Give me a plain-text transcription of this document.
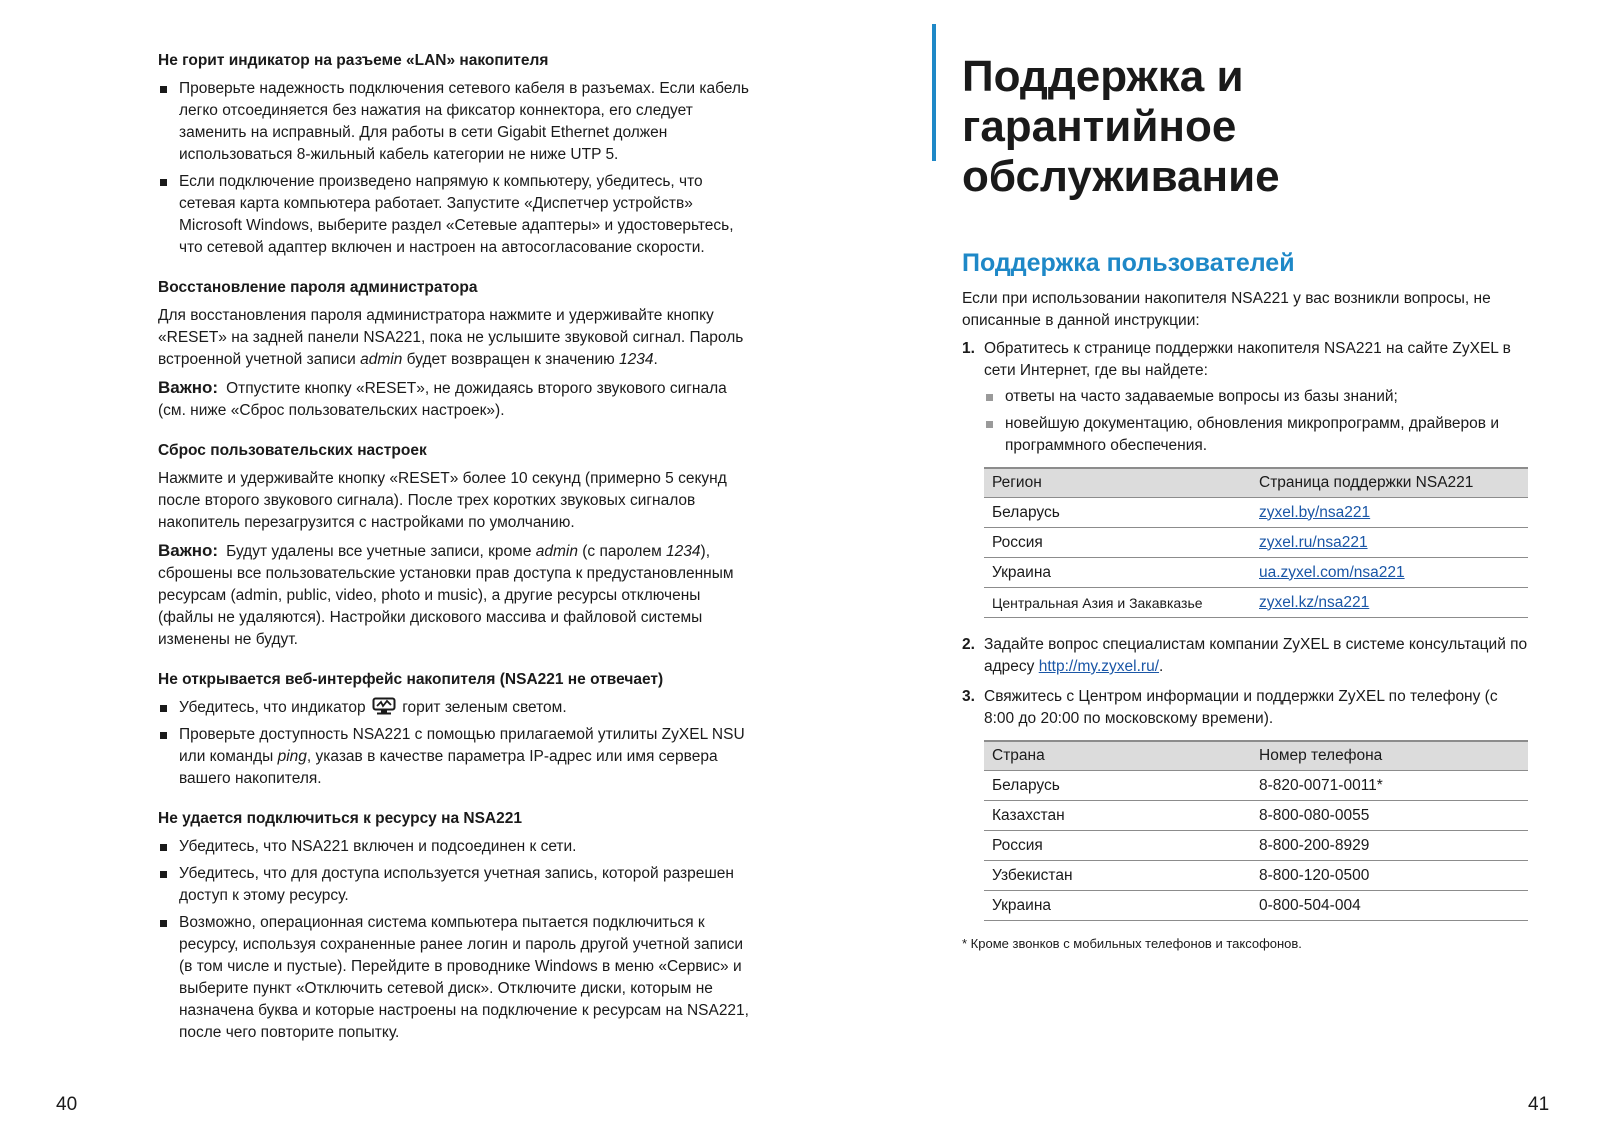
Не горит индикатор на разъеме «LAN» накопителя
Проверьте надежность подключения сетевого кабеля в разъемах. Если кабель легко отсоединяется без нажатия на фиксатор коннектора, его следует заменить на исправный. Для работы в сети Gigabit Ethernet должен использоваться 8-жильный кабель категории не ниже UTP 5.
Если подключение произведено напрямую к компьютеру, убедитесь, что сетевая карта компьютера работает. Запустите «Диспетчер устройств» Microsoft Windows, выберите раздел «Сетевые адаптеры» и удостоверьтесь, что сетевой адаптер включен и настроен на автосогласование скорости.
Восстановление пароля администратора

Для восстановления пароля администратора нажмите и удерживайте кнопку «RESET» на задней панели NSA221, пока не услышите звуковой сигнал. Пароль встроенной учетной записи admin будет возвращен к значению 1234.

Важно: Отпустите кнопку «RESET», не дожидаясь второго звукового сигнала (см. ниже «Сброс пользовательских настроек»).

Сброс пользовательских настроек

Нажмите и удерживайте кнопку «RESET» более 10 секунд (примерно 5 секунд после второго звукового сигнала). После трех коротких звуковых сигналов накопитель перезагрузится с настройками по умолчанию.

Важно: Будут удалены все учетные записи, кроме admin (с паролем 1234), сброшены все пользовательские установки прав доступа к предустановленным ресурсам (admin, public, video, photo и music), а другие ресурсы отключены (файлы не удаляются). Настройки дискового массива и файловой системы изменены не будут.

Не открывается веб-интерфейс накопителя (NSA221 не отвечает)
Убедитесь, что индикатор горит зеленым светом.
Проверьте доступность NSA221 с помощью прилагаемой утилиты ZyXEL NSU или команды ping, указав в качестве параметра IP-адрес или имя сервера вашего накопителя.
Не удается подключиться к ресурсу на NSA221
Убедитесь, что NSA221 включен и подсоединен к сети.
Убедитесь, что для доступа используется учетная запись, которой разрешен доступ к этому ресурсу.
Возможно, операционная система компьютера пытается подключиться к ресурсу, используя сохраненные ранее логин и пароль другой учетной записи (в том числе и пустые). Перейдите в проводнике Windows в меню «Сервис» и выберите пункт «Отключить сетевой диск». Отключите диски, которым не назначена буква и которые настроены на подключение к ресурсам на NSA221, после чего повторите попытку.
40
Поддержка и гарантийное обслуживание
Поддержка пользователей

Если при использовании накопителя NSA221 у вас возникли вопросы, не описанные в данной инструкции:

1. Обратитесь к странице поддержки накопителя NSA221 на сайте ZyXEL в сети Интернет, где вы найдете:
ответы на часто задаваемые вопросы из базы знаний;
новейшую документацию, обновления микропрограмм, драйверов и программного обеспечения.
Регион	Страница поддержки NSA221
Беларусь	zyxel.by/nsa221
Россия	zyxel.ru/nsa221
Украина	ua.zyxel.com/nsa221
Центральная Азия и Закавказье	zyxel.kz/nsa221
2. Задайте вопрос специалистам компании ZyXEL в системе консультаций по адресу http://my.zyxel.ru/.
3. Свяжитесь с Центром информации и поддержки ZyXEL по телефону (с 8:00 до 20:00 по московскому времени).
Страна	Номер телефона
Беларусь	8-820-0071-0011*
Казахстан	8-800-080-0055
Россия	8-800-200-8929
Узбекистан	8-800-120-0500
Украина	0-800-504-004
* Кроме звонков с мобильных телефонов и таксофонов.
41
